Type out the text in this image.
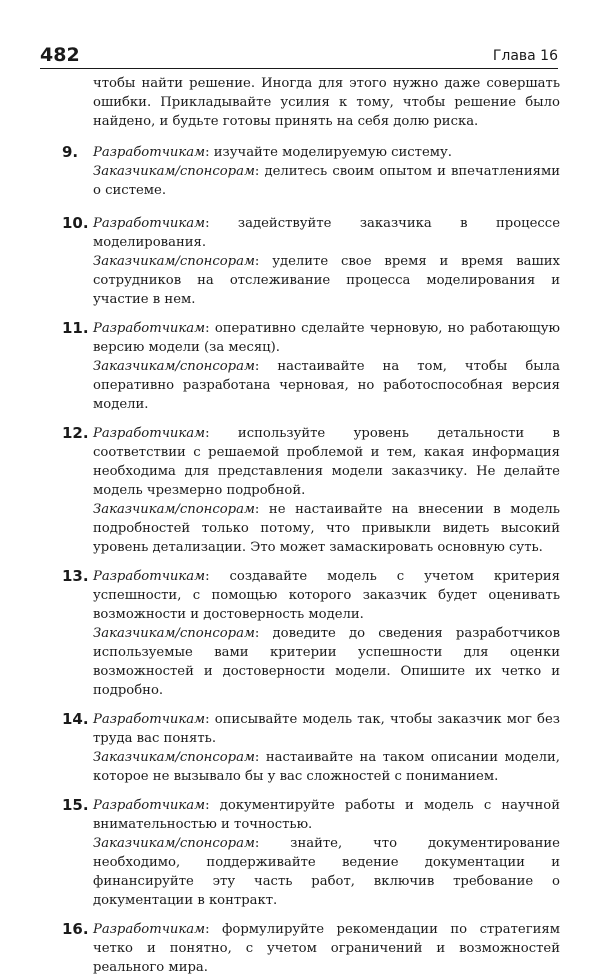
482	Глава 16

чтобы найти решение. Иногда для этого нужно даже совершать ошибки. Прикладывайте усилия к тому, чтобы решение было найдено, и будьте готовы принять на себя долю риска.

9. Разработчикам: изучайте моделируемую систему.

Заказчикам/спонсорам: делитесь своим опытом и впечатлениями о системе.

10. Разработчикам: задействуйте заказчика в процессе моделирования.

Заказчикам/спонсорам: уделите свое время и время ваших сотрудников на отслеживание процесса моделирования и участие в нем.

11. Разработчикам: оперативно сделайте черновую, но работающую версию модели (за месяц).

Заказчикам/спонсорам: настаивайте на том, чтобы была оперативно разработана черновая, но работоспособная версия модели.

12. Разработчикам: используйте уровень детальности в соответствии с решаемой проблемой и тем, какая информация необходима для представления модели заказчику. Не делайте модель чрезмерно подробной.

Заказчикам/спонсорам: не настаивайте на внесении в модель подробностей только потому, что привыкли видеть высокий уровень детализации. Это может замаскировать основную суть.

13. Разработчикам: создавайте модель с учетом критерия успешности, с помощью которого заказчик будет оценивать возможности и достоверность модели.

Заказчикам/спонсорам: доведите до сведения разработчиков используемые вами критерии успешности для оценки возможностей и достоверности модели. Опишите их четко и подробно.

14. Разработчикам: описывайте модель так, чтобы заказчик мог без труда вас понять.

Заказчикам/спонсорам: настаивайте на таком описании модели, которое не вызывало бы у вас сложностей с пониманием.

15. Разработчикам: документируйте работы и модель с научной внимательностью и точностью.

Заказчикам/спонсорам: знайте, что документирование необходимо, поддерживайте ведение документации и финансируйте эту часть работ, включив требование о документации в контракт.

16. Разработчикам: формулируйте рекомендации по стратегиям четко и понятно, с учетом ограничений и возможностей реального мира.
